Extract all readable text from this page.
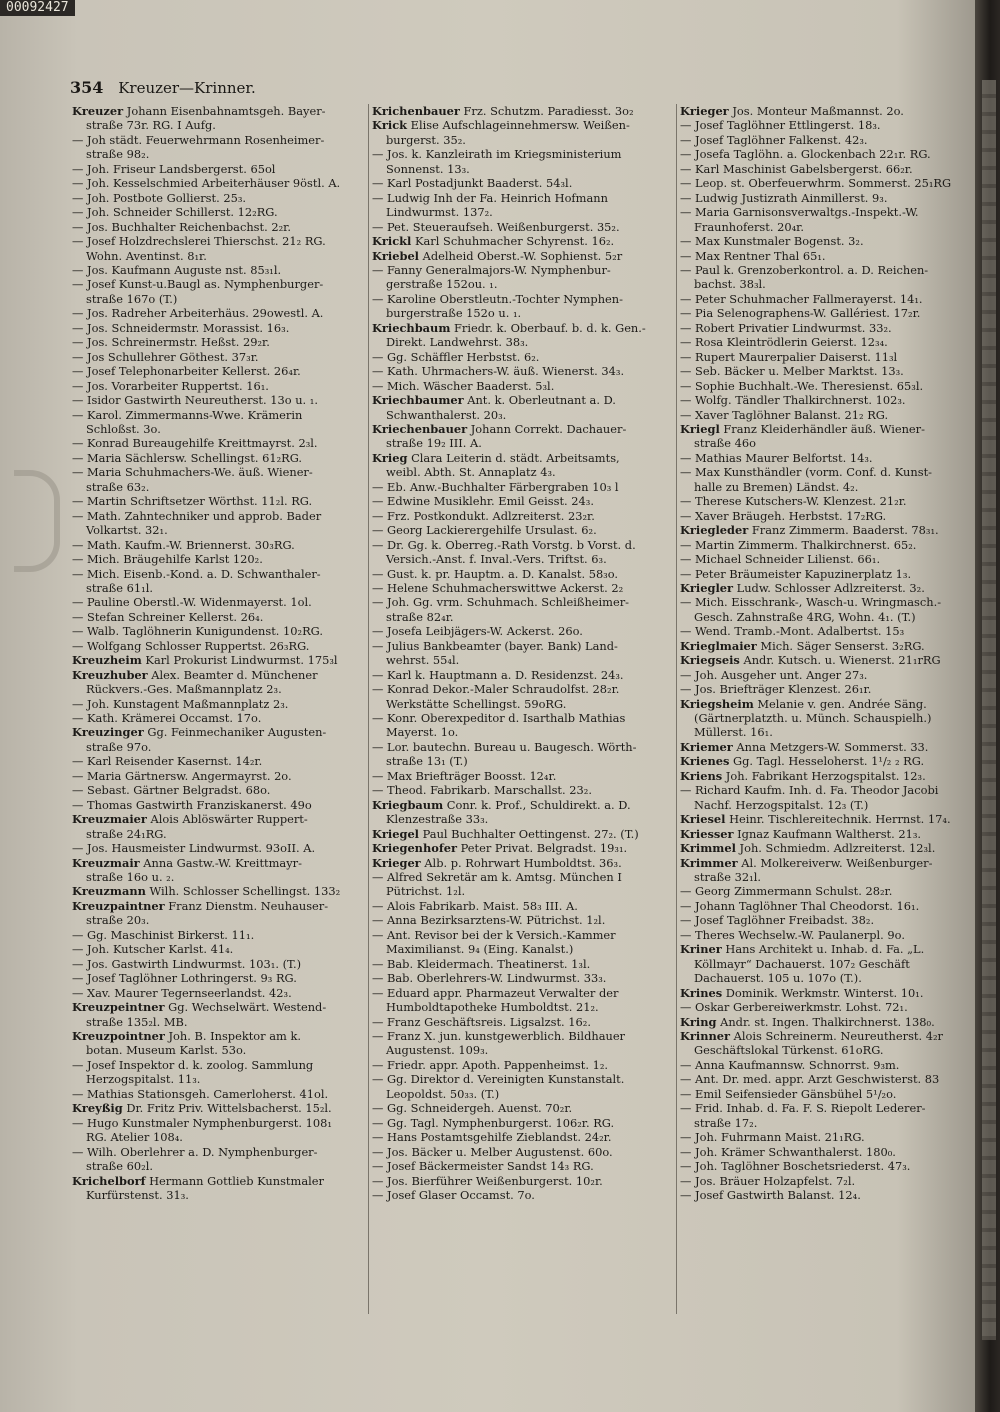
00092427
354 Kreuzer—Krinner.
Kreuzer Johann Eisenbahnamtsgeh. Bayer-
straße 73r. RG. I Aufg.
— Joh städt. Feuerwehrmann Rosenheimer-
straße 98₂.
— Joh. Friseur Landsbergerst. 65ol
— Joh. Kesselschmied Arbeiterhäuser 9östl. A.
— Joh. Postbote Gollierst. 25₃.
— Joh. Schneider Schillerst. 12₂RG.
— Jos. Buchhalter Reichenbachst. 2₂r.
— Josef Holzdrechslerei Thierschst. 21₂ RG.
Wohn. Aventinst. 8₁r.
— Jos. Kaufmann Auguste nst. 85₃₁l.
— Josef Kunst-u.Baugl as. Nymphenburger-
straße 167o (T.)
— Jos. Radreher Arbeiterhäus. 29owestl. A.
— Jos. Schneidermstr. Morassist. 16₃.
— Jos. Schreinermstr. Heßst. 29₂r.
— Jos Schullehrer Göthest. 37₃r.
— Josef Telephonarbeiter Kellerst. 26₄r.
— Jos. Vorarbeiter Ruppertst. 16₁.
— Isidor Gastwirth Neureutherst. 13o u. ₁.
— Karol. Zimmermanns-Wwe. Krämerin
Schloßst. 3o.
— Konrad Bureaugehilfe Kreittmayrst. 2₃l.
— Maria Sächlersw. Schellingst. 61₂RG.
— Maria Schuhmachers-We. äuß. Wiener-
straße 63₂.
— Martin Schriftsetzer Wörthst. 11₂l. RG.
— Math. Zahntechniker und approb. Bader
Volkartst. 32₁.
— Math. Kaufm.-W. Briennerst. 30₃RG.
— Mich. Bräugehilfe Karlst 120₂.
— Mich. Eisenb.-Kond. a. D. Schwanthaler-
straße 61₁l.
— Pauline Oberstl.-W. Widenmayerst. 1ol.
— Stefan Schreiner Kellerst. 26₄.
— Walb. Taglöhnerin Kunigundenst. 10₂RG.
— Wolfgang Schlosser Ruppertst. 26₃RG.
Kreuzheim Karl Prokurist Lindwurmst. 175₃l
Kreuzhuber Alex. Beamter d. Münchener
Rückvers.-Ges. Maßmannplatz 2₃.
— Joh. Kunstagent Maßmannplatz 2₃.
— Kath. Krämerei Occamst. 17o.
Kreuzinger Gg. Feinmechaniker Augusten-
straße 97o.
— Karl Reisender Kasernst. 14₂r.
— Maria Gärtnersw. Angermayrst. 2o.
— Sebast. Gärtner Belgradst. 68o.
— Thomas Gastwirth Franziskanerst. 49o
Kreuzmaier Alois Ablöswärter Ruppert-
straße 24₁RG.
— Jos. Hausmeister Lindwurmst. 93oII. A.
Kreuzmair Anna Gastw.-W. Kreittmayr-
straße 16o u. ₂.
Kreuzmann Wilh. Schlosser Schellingst. 133₂
Kreuzpaintner Franz Dienstm. Neuhauser-
straße 20₃.
— Gg. Maschinist Birkerst. 11₁.
— Joh. Kutscher Karlst. 41₄.
— Jos. Gastwirth Lindwurmst. 103₁. (T.)
— Josef Taglöhner Lothringerst. 9₃ RG.
— Xav. Maurer Tegernseerlandst. 42₃.
Kreuzpeintner Gg. Wechselwärt. Westend-
straße 135₂l. MB.
Kreuzpointner Joh. B. Inspektor am k.
botan. Museum Karlst. 53o.
— Josef Inspektor d. k. zoolog. Sammlung
Herzogspitalst. 11₃.
— Mathias Stationsgeh. Camerloherst. 41ol.
Kreyßig Dr. Fritz Priv. Wittelsbacherst. 15₂l.
— Hugo Kunstmaler Nymphenburgerst. 108₁
RG. Atelier 108₄.
— Wilh. Oberlehrer a. D. Nymphenburger-
straße 60₂l.
Krichelborf Hermann Gottlieb Kunstmaler
Kurfürstenst. 31₃.
Krichenbauer Frz. Schutzm. Paradiesst. 3o₂
Krick Elise Aufschlageinnehmersw. Weißen-
burgerst. 35₂.
— Jos. k. Kanzleirath im Kriegsministerium
Sonnenst. 13₃.
— Karl Postadjunkt Baaderst. 54₃l.
— Ludwig Inh der Fa. Heinrich Hofmann
Lindwurmst. 137₂.
— Pet. Steueraufseh. Weißenburgerst. 35₂.
Krickl Karl Schuhmacher Schyrenst. 16₂.
Kriebel Adelheid Oberst.-W. Sophienst. 5₂r
— Fanny Generalmajors-W. Nymphenbur-
gerstraße 152ou. ₁.
— Karoline Oberstleutn.-Tochter Nymphen-
burgerstraße 152o u. ₁.
Kriechbaum Friedr. k. Oberbauf. b. d. k. Gen.-
Direkt. Landwehrst. 38₃.
— Gg. Schäffler Herbstst. 6₂.
— Kath. Uhrmachers-W. äuß. Wienerst. 34₃.
— Mich. Wäscher Baaderst. 5₃l.
Kriechbaumer Ant. k. Oberleutnant a. D.
Schwanthalerst. 20₃.
Kriechenbauer Johann Correkt. Dachauer-
straße 19₂ III. A.
Krieg Clara Leiterin d. städt. Arbeitsamts,
weibl. Abth. St. Annaplatz 4₃.
— Eb. Anw.-Buchhalter Färbergraben 10₃ l
— Edwine Musiklehr. Emil Geisst. 24₃.
— Frz. Postkondukt. Adlzreiterst. 23₂r.
— Georg Lackierergehilfe Ursulast. 6₂.
— Dr. Gg. k. Oberreg.-Rath Vorstg. b Vorst. d.
Versich.-Anst. f. Inval.-Vers. Triftst. 6₃.
— Gust. k. pr. Hauptm. a. D. Kanalst. 58₃o.
— Helene Schuhmacherswittwe Ackerst. 2₂
— Joh. Gg. vrm. Schuhmach. Schleißheimer-
straße 82₄r.
— Josefa Leibjägers-W. Ackerst. 26o.
— Julius Bankbeamter (bayer. Bank) Land-
wehrst. 55₄l.
— Karl k. Hauptmann a. D. Residenzst. 24₃.
— Konrad Dekor.-Maler Schraudolfst. 28₂r.
Werkstätte Schellingst. 59oRG.
— Konr. Oberexpeditor d. Isarthalb Mathias
Mayerst. 1o.
— Lor. bautechn. Bureau u. Baugesch. Wörth-
straße 13₁ (T.)
— Max Briefträger Boosst. 12₄r.
— Theod. Fabrikarb. Marschallst. 23₂.
Kriegbaum Conr. k. Prof., Schuldirekt. a. D.
Klenzestraße 33₃.
Kriegel Paul Buchhalter Oettingenst. 27₂. (T.)
Kriegenhofer Peter Privat. Belgradst. 19₃₁.
Krieger Alb. p. Rohrwart Humboldtst. 36₃.
— Alfred Sekretär am k. Amtsg. München I
Pütrichst. 1₂l.
— Alois Fabrikarb. Maist. 58₃ III. A.
— Anna Bezirksarztens-W. Pütrichst. 1₂l.
— Ant. Revisor bei der k Versich.-Kammer
Maximilianst. 9₄ (Eing. Kanalst.)
— Bab. Kleidermach. Theatinerst. 1₃l.
— Bab. Oberlehrers-W. Lindwurmst. 33₃.
— Eduard appr. Pharmazeut Verwalter der
Humboldtapotheke Humboldtst. 21₂.
— Franz Geschäftsreis. Ligsalzst. 16₂.
— Franz X. jun. kunstgewerblich. Bildhauer
Augustenst. 109₃.
— Friedr. appr. Apoth. Pappenheimst. 1₂.
— Gg. Direktor d. Vereinigten Kunstanstalt.
Leopoldst. 50₃₃. (T.)
— Gg. Schneidergeh. Auenst. 70₂r.
— Gg. Tagl. Nymphenburgerst. 106₂r. RG.
— Hans Postamtsgehilfe Zieblandst. 24₂r.
— Jos. Bäcker u. Melber Augustenst. 60o.
— Josef Bäckermeister Sandst 14₃ RG.
— Jos. Bierführer Weißenburgerst. 10₂r.
— Josef Glaser Occamst. 7o.
Krieger Jos. Monteur Maßmannst. 2o.
— Josef Taglöhner Ettlingerst. 18₃.
— Josef Taglöhner Falkenst. 42₃.
— Josefa Taglöhn. a. Glockenbach 22₁r. RG.
— Karl Maschinist Gabelsbergerst. 66₂r.
— Leop. st. Oberfeuerwhrm. Sommerst. 25₁RG
— Ludwig Justizrath Ainmillerst. 9₃.
— Maria Garnisonsverwaltgs.-Inspekt.-W.
Fraunhoferst. 20₄r.
— Max Kunstmaler Bogenst. 3₂.
— Max Rentner Thal 65₁.
— Paul k. Grenzoberkontrol. a. D. Reichen-
bachst. 38₃l.
— Peter Schuhmacher Fallmerayerst. 14₁.
— Pia Selenographens-W. Gallériest. 17₂r.
— Robert Privatier Lindwurmst. 33₂.
— Rosa Kleintrödlerin Geierst. 12₃₄.
— Rupert Maurerpalier Daiserst. 11₃l
— Seb. Bäcker u. Melber Marktst. 13₃.
— Sophie Buchhalt.-We. Theresienst. 65₃l.
— Wolfg. Tändler Thalkirchnerst. 102₃.
— Xaver Taglöhner Balanst. 21₂ RG.
Kriegl Franz Kleiderhändler äuß. Wiener-
straße 46o
— Mathias Maurer Belfortst. 14₃.
— Max Kunsthändler (vorm. Conf. d. Kunst-
halle zu Bremen) Ländst. 4₂.
— Therese Kutschers-W. Klenzest. 21₂r.
— Xaver Bräugeh. Herbstst. 17₂RG.
Kriegleder Franz Zimmerm. Baaderst. 78₃₁.
— Martin Zimmerm. Thalkirchnerst. 65₂.
— Michael Schneider Lilienst. 66₁.
— Peter Bräumeister Kapuzinerplatz 1₃.
Kriegler Ludw. Schlosser Adlzreiterst. 3₂.
— Mich. Eisschrank-, Wasch-u. Wringmasch.-
Gesch. Zahnstraße 4RG, Wohn. 4₁. (T.)
— Wend. Tramb.-Mont. Adalbertst. 15₃
Krieglmaier Mich. Säger Senserst. 3₂RG.
Kriegseis Andr. Kutsch. u. Wienerst. 21₁rRG
— Joh. Ausgeher unt. Anger 27₃.
— Jos. Briefträger Klenzest. 26₁r.
Kriegsheim Melanie v. gen. Andrée Säng.
(Gärtnerplatzth. u. Münch. Schauspielh.)
Müllerst. 16₁.
Kriemer Anna Metzgers-W. Sommerst. 33.
Krienes Gg. Tagl. Hesseloherst. 1¹/₂ ₂ RG.
Kriens Joh. Fabrikant Herzogspitalst. 12₃.
— Richard Kaufm. Inh. d. Fa. Theodor Jacobi
Nachf. Herzogspitalst. 12₃ (T.)
Kriesel Heinr. Tischlereitechnik. Herrnst. 17₄.
Kriesser Ignaz Kaufmann Waltherst. 21₃.
Krimmel Joh. Schmiedm. Adlzreiterst. 12₃l.
Krimmer Al. Molkereiverw. Weißenburger-
straße 32₁l.
— Georg Zimmermann Schulst. 28₂r.
— Johann Taglöhner Thal Cheodorst. 16₁.
— Josef Taglöhner Freibadst. 38₂.
— Theres Wechselw.-W. Paulanerpl. 9o.
Kriner Hans Architekt u. Inhab. d. Fa. „L.
Köllmayr“ Dachauerst. 107₂ Geschäft
Dachauerst. 105 u. 107o (T.).
Krines Dominik. Werkmstr. Winterst. 10₁.
— Oskar Gerbereiwerkmstr. Lohst. 72₁.
Kring Andr. st. Ingen. Thalkirchnerst. 138₀.
Krinner Alois Schreinerm. Neureutherst. 4₂r
Geschäftslokal Türkenst. 61oRG.
— Anna Kaufmannsw. Schnorrst. 9₃m.
— Ant. Dr. med. appr. Arzt Geschwisterst. 83
— Emil Seifensieder Gänsbühel 5¹/₂o.
— Frid. Inhab. d. Fa. F. S. Riepolt Lederer-
straße 17₂.
— Joh. Fuhrmann Maist. 21₁RG.
— Joh. Krämer Schwanthalerst. 180₀.
— Joh. Taglöhner Boschetsriederst. 47₃.
— Jos. Bräuer Holzapfelst. 7₂l.
— Josef Gastwirth Balanst. 12₄.
